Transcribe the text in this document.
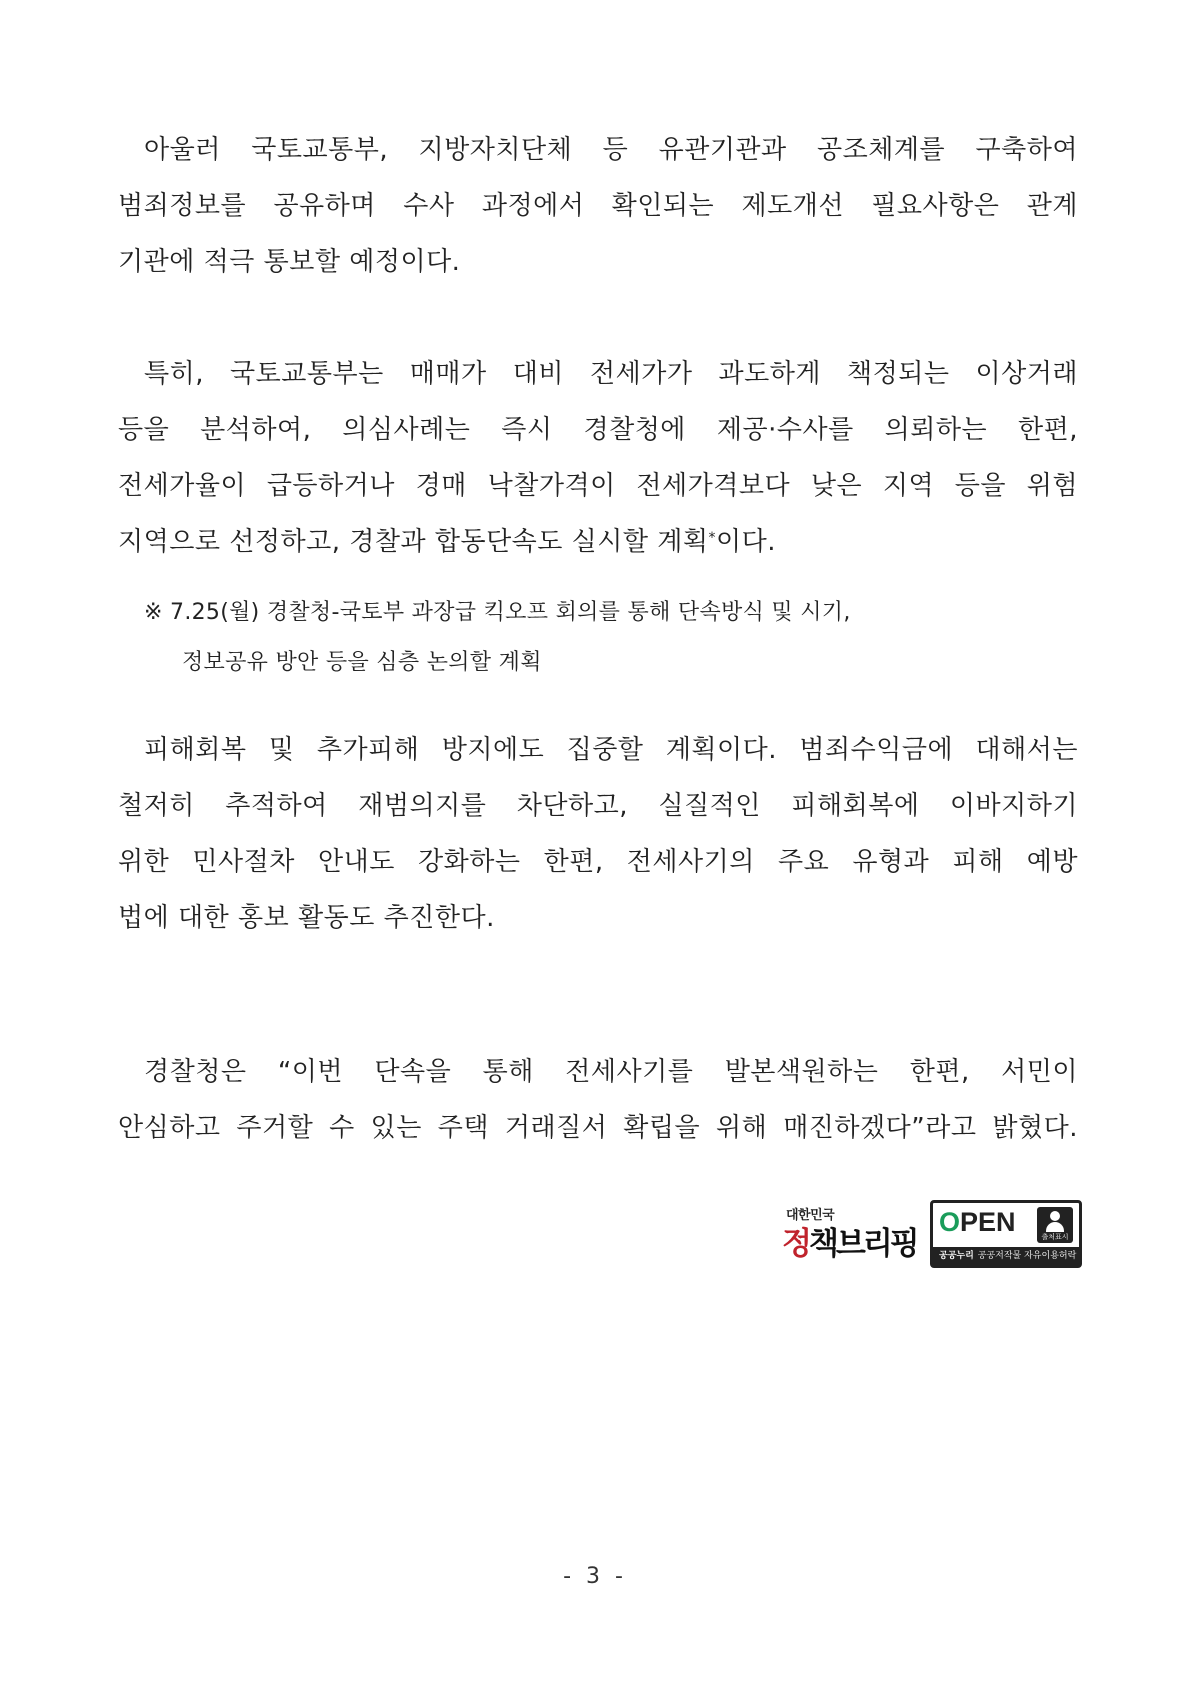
아울러 국토교통부, 지방자치단체 등 유관기관과 공조체계를 구축하여
범죄정보를 공유하며 수사 과정에서 확인되는 제도개선 필요사항은 관계
기관에 적극 통보할 예정이다.
특히, 국토교통부는 매매가 대비 전세가가 과도하게 책정되는 이상거래
등을 분석하여, 의심사례는 즉시 경찰청에 제공·수사를 의뢰하는 한편,
전세가율이 급등하거나 경매 낙찰가격이 전세가격보다 낮은 지역 등을 위험
지역으로 선정하고, 경찰과 합동단속도 실시할 계획*이다.
※ 7.25(월) 경찰청-국토부 과장급 킥오프 회의를 통해 단속방식 및 시기,
정보공유 방안 등을 심층 논의할 계획
피해회복 및 추가피해 방지에도 집중할 계획이다. 범죄수익금에 대해서는
철저히 추적하여 재범의지를 차단하고, 실질적인 피해회복에 이바지하기
위한 민사절차 안내도 강화하는 한편, 전세사기의 주요 유형과 피해 예방
법에 대한 홍보 활동도 추진한다.
경찰청은 “이번 단속을 통해 전세사기를 발본색원하는 한편, 서민이
안심하고 주거할 수 있는 주택 거래질서 확립을 위해 매진하겠다”라고 밝혔다.
대한민국
정책브리핑
OPEN	출처표시
공공누리 공공저작물 자유이용허락
- 3 -
